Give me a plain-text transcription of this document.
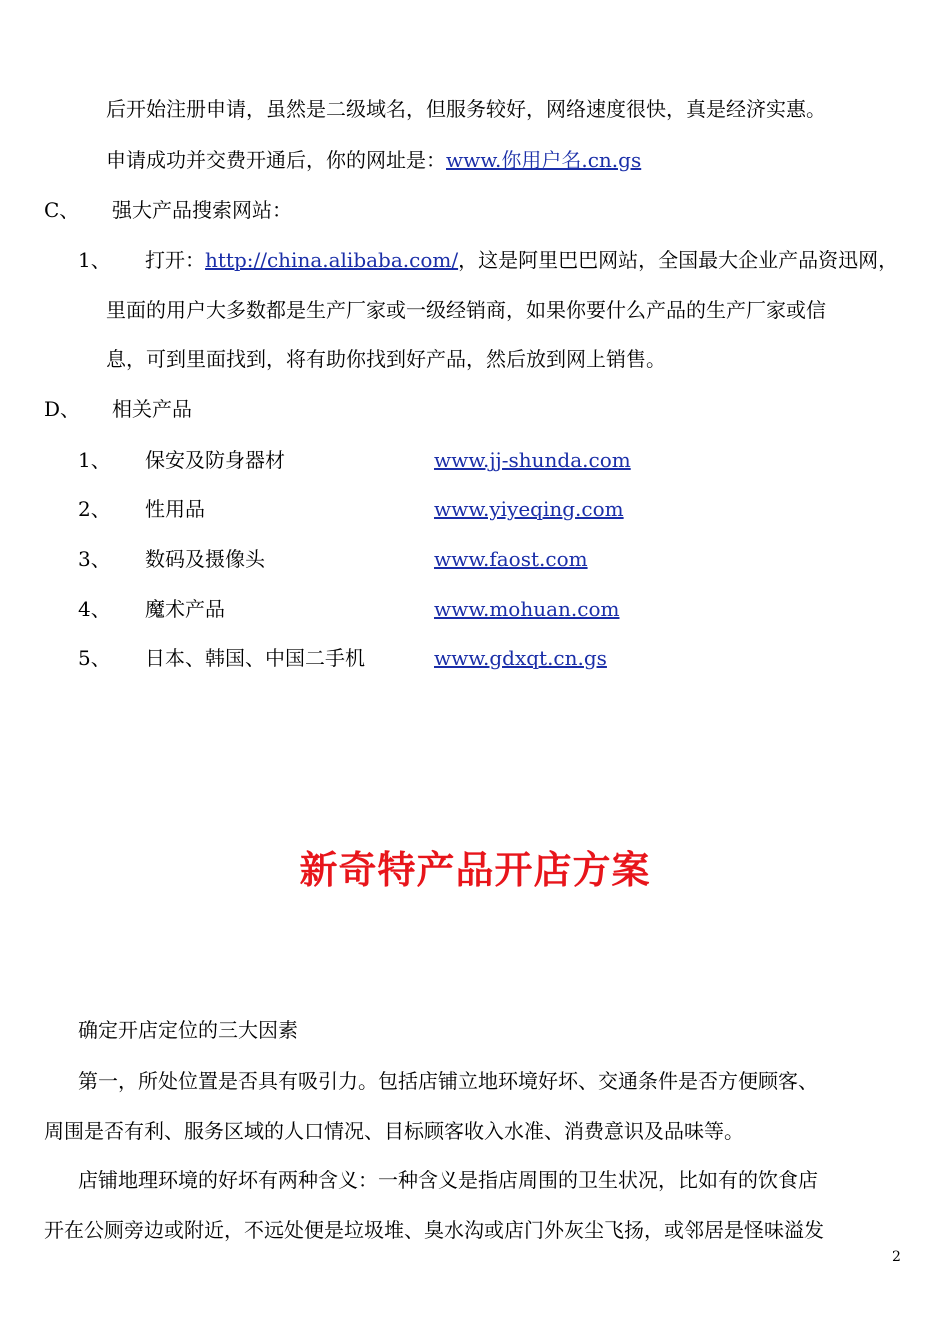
后开始注册申请，虽然是二级域名，但服务较好，网络速度很快，真是经济实惠。
申请成功并交费开通后，你的网址是：www.你用户名.cn.gs
C、 强大产品搜索网站：
1、 打开：http://china.alibaba.com/，这是阿里巴巴网站，全国最大企业产品资迅网，
里面的用户大多数都是生产厂家或一级经销商，如果你要什么产品的生产厂家或信
息，可到里面找到，将有助你找到好产品，然后放到网上销售。
D、 相关产品
1、 保安及防身器材	www.jj-shunda.com
2、 性用品	www.yiyeqing.com
3、 数码及摄像头	www.faost.com
4、 魔术产品	www.mohuan.com
5、 日本、韩国、中国二手机	www.gdxqt.cn.gs
新奇特产品开店方案
确定开店定位的三大因素
第一，所处位置是否具有吸引力。包括店铺立地环境好坏、交通条件是否方便顾客、
周围是否有利、服务区域的人口情况、目标顾客收入水准、消费意识及品味等。
店铺地理环境的好坏有两种含义：一种含义是指店周围的卫生状况，比如有的饮食店
开在公厕旁边或附近，不远处便是垃圾堆、臭水沟或店门外灰尘飞扬，或邻居是怪味溢发
2
